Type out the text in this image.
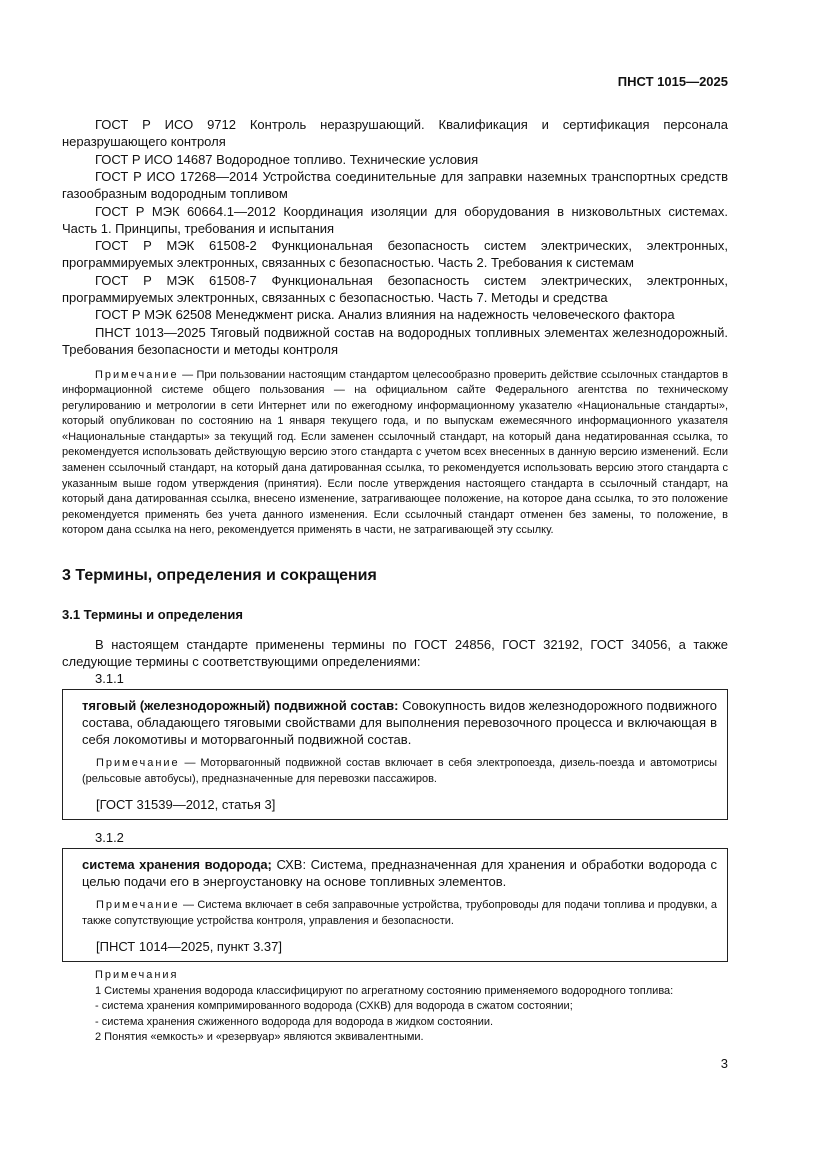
ПНСТ 1015—2025

ГОСТ Р ИСО 9712 Контроль неразрушающий. Квалификация и сертификация персонала неразрушающего контроля

ГОСТ Р ИСО 14687 Водородное топливо. Технические условия

ГОСТ Р ИСО 17268—2014 Устройства соединительные для заправки наземных транспортных средств газообразным водородным топливом

ГОСТ Р МЭК 60664.1—2012 Координация изоляции для оборудования в низковольтных системах. Часть 1. Принципы, требования и испытания

ГОСТ Р МЭК 61508-2 Функциональная безопасность систем электрических, электронных, программируемых электронных, связанных с безопасностью. Часть 2. Требования к системам

ГОСТ Р МЭК 61508-7 Функциональная безопасность систем электрических, электронных, программируемых электронных, связанных с безопасностью. Часть 7. Методы и средства

ГОСТ Р МЭК 62508 Менеджмент риска. Анализ влияния на надежность человеческого фактора

ПНСТ 1013—2025 Тяговый подвижной состав на водородных топливных элементах железнодорожный. Требования безопасности и методы контроля

Примечание — При пользовании настоящим стандартом целесообразно проверить действие ссылочных стандартов в информационной системе общего пользования — на официальном сайте Федерального агентства по техническому регулированию и метрологии в сети Интернет или по ежегодному информационному указателю «Национальные стандарты», который опубликован по состоянию на 1 января текущего года, и по выпускам ежемесячного информационного указателя «Национальные стандарты» за текущий год. Если заменен ссылочный стандарт, на который дана недатированная ссылка, то рекомендуется использовать действующую версию этого стандарта с учетом всех внесенных в данную версию изменений. Если заменен ссылочный стандарт, на который дана датированная ссылка, то рекомендуется использовать версию этого стандарта с указанным выше годом утверждения (принятия). Если после утверждения настоящего стандарта в ссылочный стандарт, на который дана датированная ссылка, внесено изменение, затрагивающее положение, на которое дана ссылка, то это положение рекомендуется применять без учета данного изменения. Если ссылочный стандарт отменен без замены, то положение, в котором дана ссылка на него, рекомендуется применять в части, не затрагивающей эту ссылку.

3 Термины, определения и сокращения
3.1 Термины и определения

В настоящем стандарте применены термины по ГОСТ 24856, ГОСТ 32192, ГОСТ 34056, а также следующие термины с соответствующими определениями:

3.1.1

тяговый (железнодорожный) подвижной состав: Совокупность видов железнодорожного подвижного состава, обладающего тяговыми свойствами для выполнения перевозочного процесса и включающая в себя локомотивы и моторвагонный подвижной состав.

Примечание — Моторвагонный подвижной состав включает в себя электропоезда, дизель-поезда и автомотрисы (рельсовые автобусы), предназначенные для перевозки пассажиров.

[ГОСТ 31539—2012, статья 3]
3.1.2

система хранения водорода; СХВ: Система, предназначенная для хранения и обработки водорода с целью подачи его в энергоустановку на основе топливных элементов.

Примечание — Система включает в себя заправочные устройства, трубопроводы для подачи топлива и продувки, а также сопутствующие устройства контроля, управления и безопасности.

[ПНСТ 1014—2025, пункт 3.37]
Примечания

1 Системы хранения водорода классифицируют по агрегатному состоянию применяемого водородного топлива:

- система хранения компримированного водорода (СХКВ) для водорода в сжатом состоянии;
- система хранения сжиженного водорода для водорода в жидком состоянии.

2 Понятия «емкость» и «резервуар» являются эквивалентными.

3
